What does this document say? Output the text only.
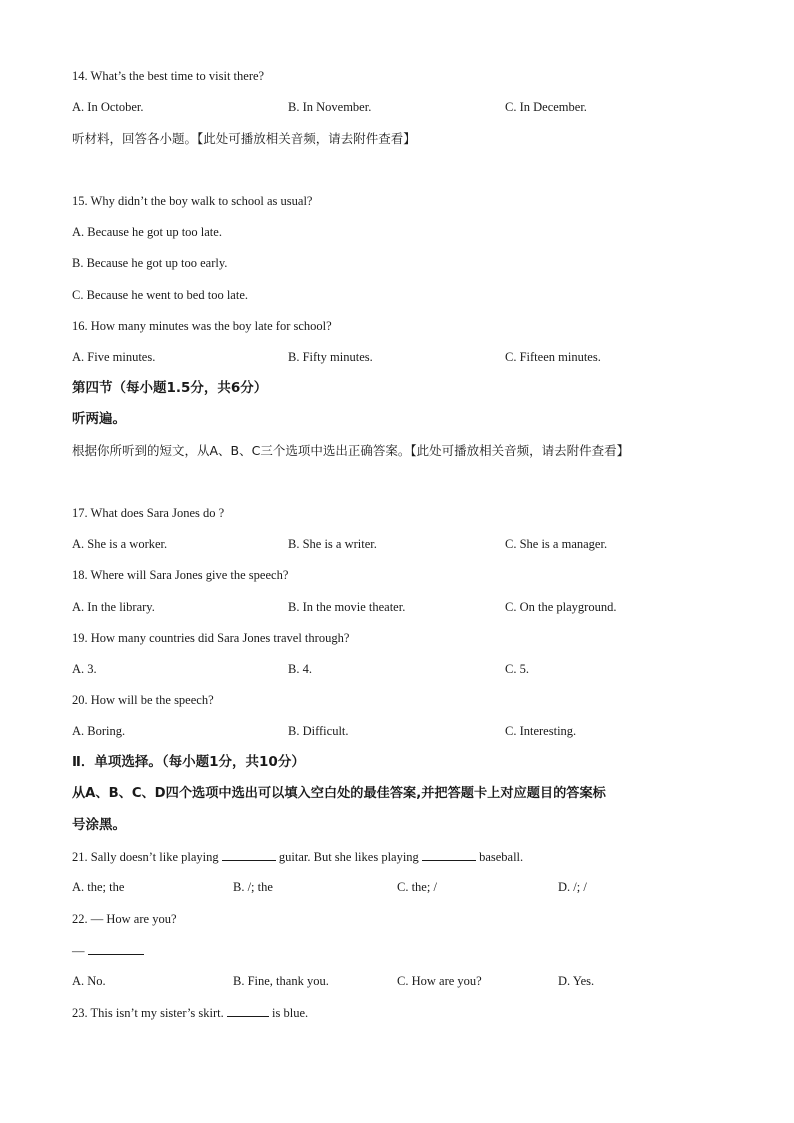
14. What’s the best time to visit there?
A. In October.	B. In November.	C. In December.
听材料，回答各小题。【此处可播放相关音频，请去附件查看】
15. Why didn’t the boy walk to school as usual?
A. Because he got up too late.
B. Because he got up too early.
C. Because he went to bed too late.
16. How many minutes was the boy late for school?
A. Five minutes.	B. Fifty minutes.	C. Fifteen minutes.
第四节（每小题1.5分，共6分）
听两遍。
根据你所听到的短文，从A、B、C三个选项中选出正确答案。【此处可播放相关音频，请去附件查看】
17. What does Sara Jones do ?
A. She is a worker.	B. She is a writer.	C. She is a manager.
18. Where will Sara Jones give the speech?
A. In the library.	B. In the movie theater.	C. On the playground.
19. How many countries did Sara Jones travel through?
A. 3.	B. 4.	C. 5.
20. How will be the speech?
A. Boring.	B. Difficult.	C. Interesting.
Ⅱ．单项选择。（每小题1分，共10分）
从A、B、C、D四个选项中选出可以填入空白处的最佳答案,并把答题卡上对应题目的答案标
号涂黑。
21. Sally doesn’t like playing	guitar. But she likes playing	baseball.
A. the; the	B. /; the	C. the; /	D. /; /
22. — How are you?
—
A. No.	B. Fine, thank you.	C. How are you?	D. Yes.
23. This isn’t my sister’s skirt.	is blue.
